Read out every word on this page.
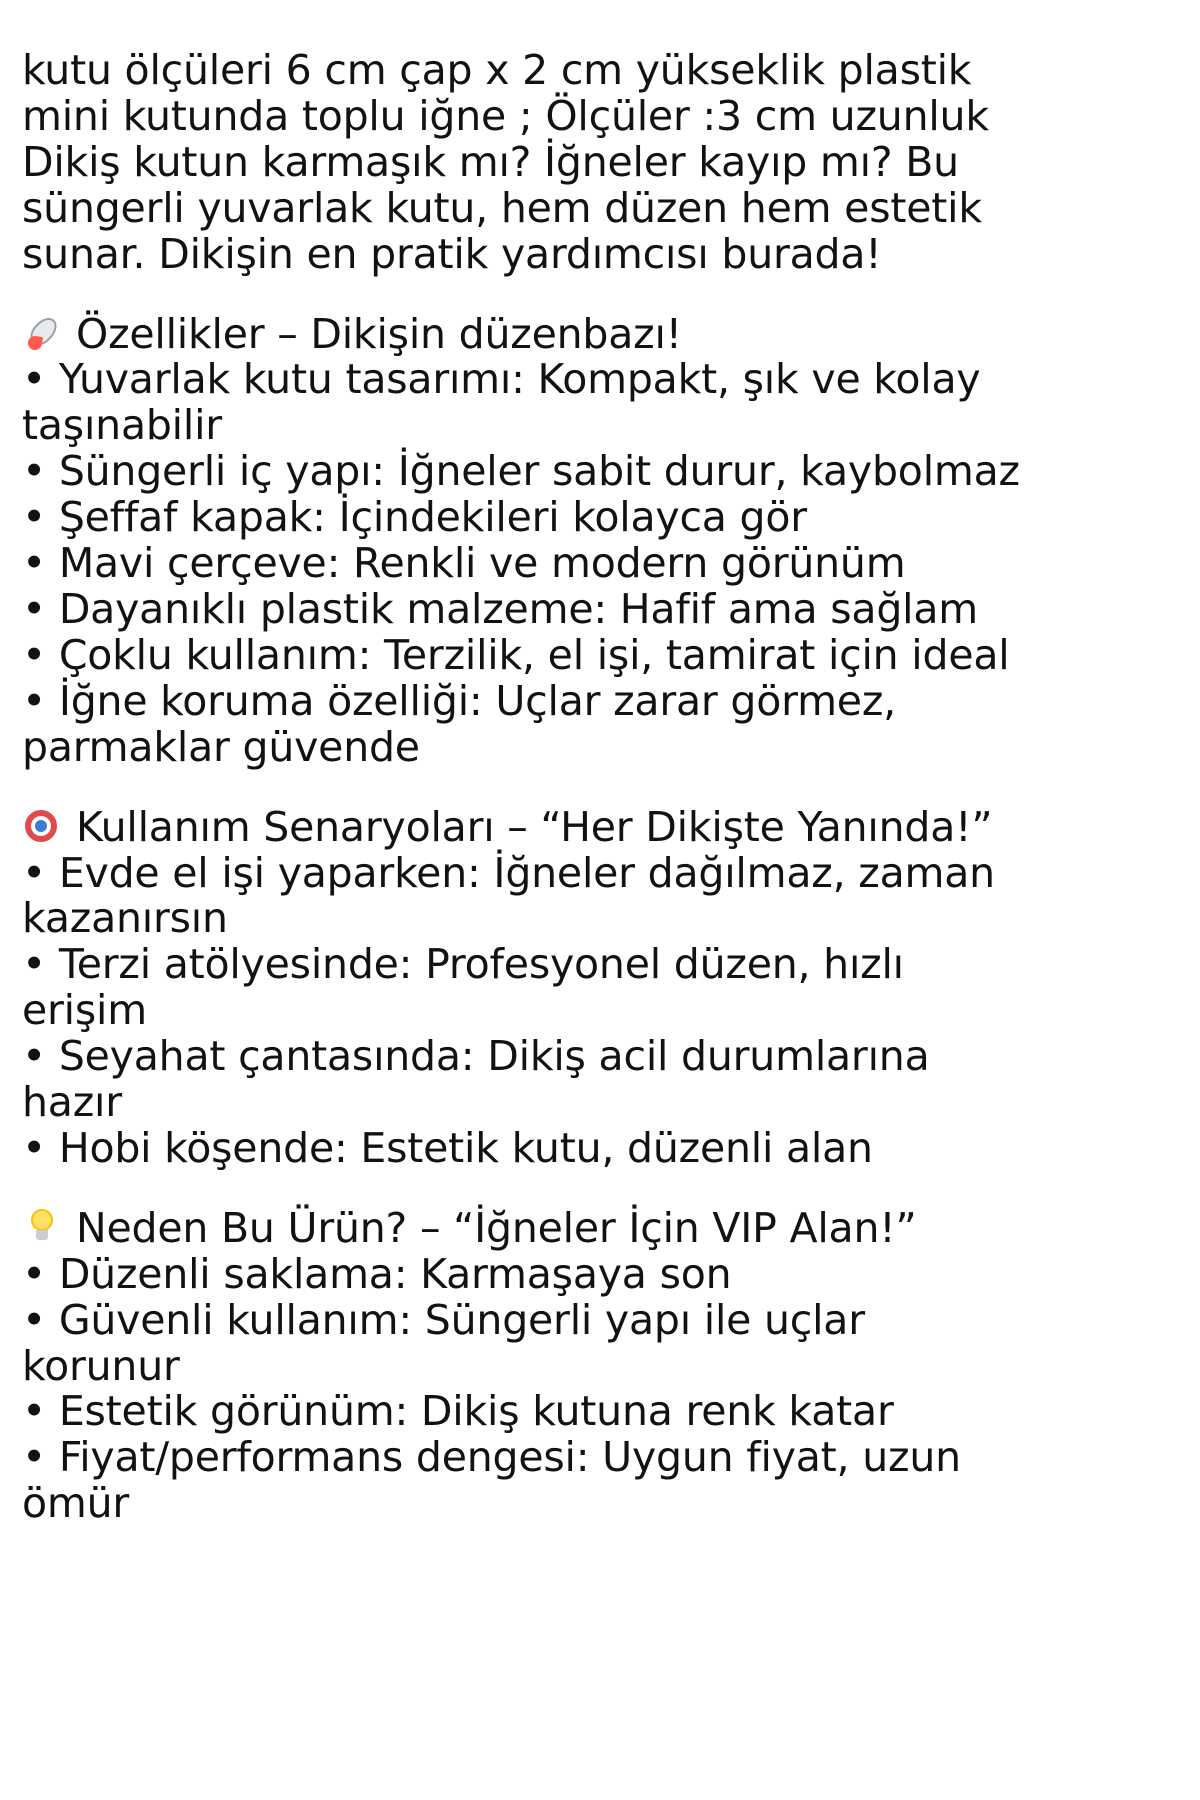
kutu ölçüleri 6 cm çap x 2 cm yükseklik plastik
mini kutunda toplu iğne ; Ölçüler :3 cm uzunluk
Dikiş kutun karmaşık mı? İğneler kayıp mı? Bu
süngerli yuvarlak kutu, hem düzen hem estetik
sunar. Dikişin en pratik yardımcısı burada!
Özellikler – Dikişin düzenbazı!
• Yuvarlak kutu tasarımı: Kompakt, şık ve kolay
taşınabilir
• Süngerli iç yapı: İğneler sabit durur, kaybolmaz
• Şeffaf kapak: İçindekileri kolayca gör
• Mavi çerçeve: Renkli ve modern görünüm
• Dayanıklı plastik malzeme: Hafif ama sağlam
• Çoklu kullanım: Terzilik, el işi, tamirat için ideal
• İğne koruma özelliği: Uçlar zarar görmez,
parmaklar güvende
Kullanım Senaryoları – “Her Dikişte Yanında!”
• Evde el işi yaparken: İğneler dağılmaz, zaman
kazanırsın
• Terzi atölyesinde: Profesyonel düzen, hızlı
erişim
• Seyahat çantasında: Dikiş acil durumlarına
hazır
• Hobi köşende: Estetik kutu, düzenli alan
Neden Bu Ürün? – “İğneler İçin VIP Alan!”
• Düzenli saklama: Karmaşaya son
• Güvenli kullanım: Süngerli yapı ile uçlar
korunur
• Estetik görünüm: Dikiş kutuna renk katar
• Fiyat/performans dengesi: Uygun fiyat, uzun
ömür
